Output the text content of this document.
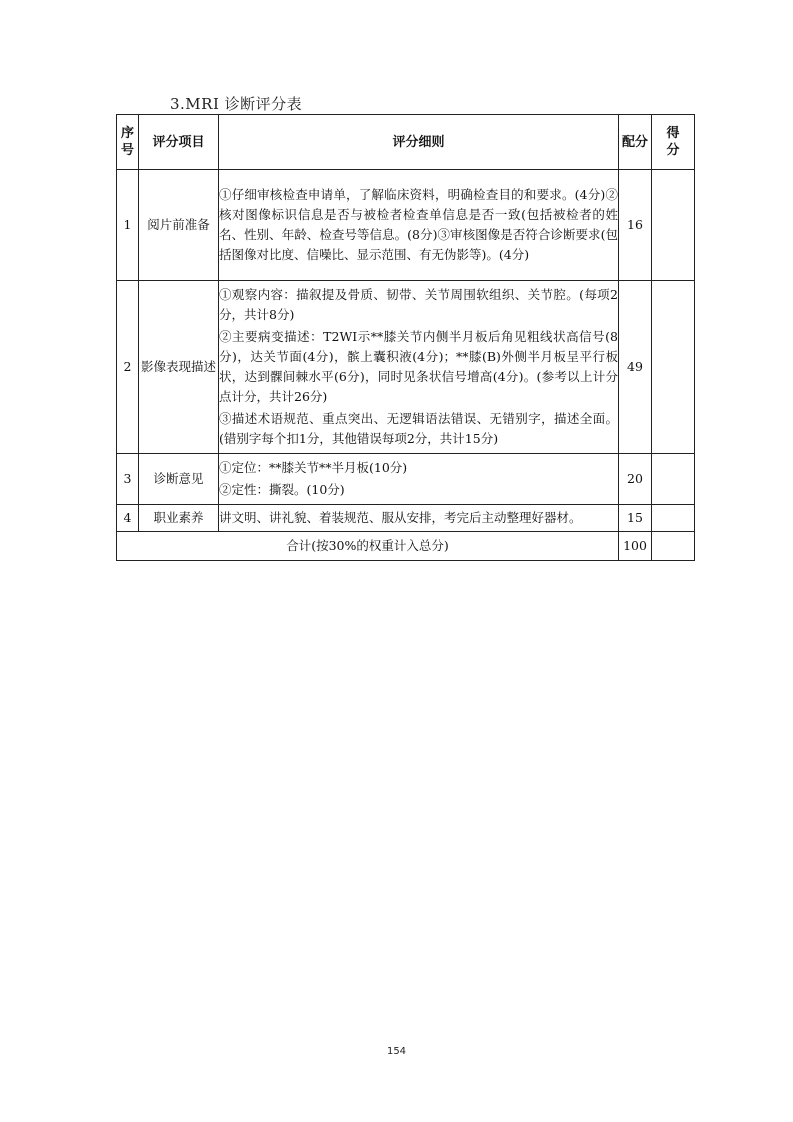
3.MRI 诊断评分表
序
号	评分项目	评分细则	配分	得
分
1	阅片前准备	①仔细审核检查申请单，了解临床资料，明确检查目的和要求。(4分)②核对图像标识信息是否与被检者检查单信息是否一致(包括被检者的姓名、性别、年龄、检查号等信息。(8分)③审核图像是否符合诊断要求(包括图像对比度、信噪比、显示范围、有无伪影等)。(4分)	16	
2	影像表现描述	①观察内容：描叙提及骨质、韧带、关节周围软组织、关节腔。(每项2分，共计8分)

②主要病变描述：T2WI示**膝关节内侧半月板后角见粗线状高信号(8分)，达关节面(4分)，髌上囊积液(4分)；**膝(B)外侧半月板呈平行板状，达到髁间棘水平(6分)，同时见条状信号增高(4分)。(参考以上计分点计分，共计26分)

③描述术语规范、重点突出、无逻辑语法错误、无错别字，描述全面。(错别字每个扣1分，其他错误每项2分，共计15分)	49	
3	诊断意见	①定位：**膝关节**半月板(10分)

②定性：撕裂。(10分)	20	
4	职业素养	讲文明、讲礼貌、着装规范、服从安排，考完后主动整理好器材。	15	
合计(按30%的权重计入总分)			100	
154
